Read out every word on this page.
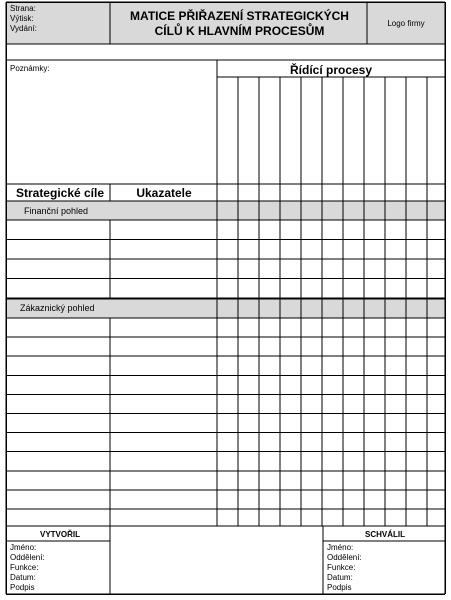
Strana:
Výtisk:
Vydání:
MATICE PŘIŘAZENÍ STRATEGICKÝCH
CÍLŮ K HLAVNÍM PROCESŮM
Logo firmy
Poznámky:	Řídící procesy
Strategické cíle	Ukazatele
Finanční pohled
Zákaznický pohled
VYTVOŘIL	SCHVÁLIL
Jméno:
Oddělení:
Funkce:
Datum:
Podpis
Jméno:
Oddělení:
Funkce:
Datum:
Podpis
